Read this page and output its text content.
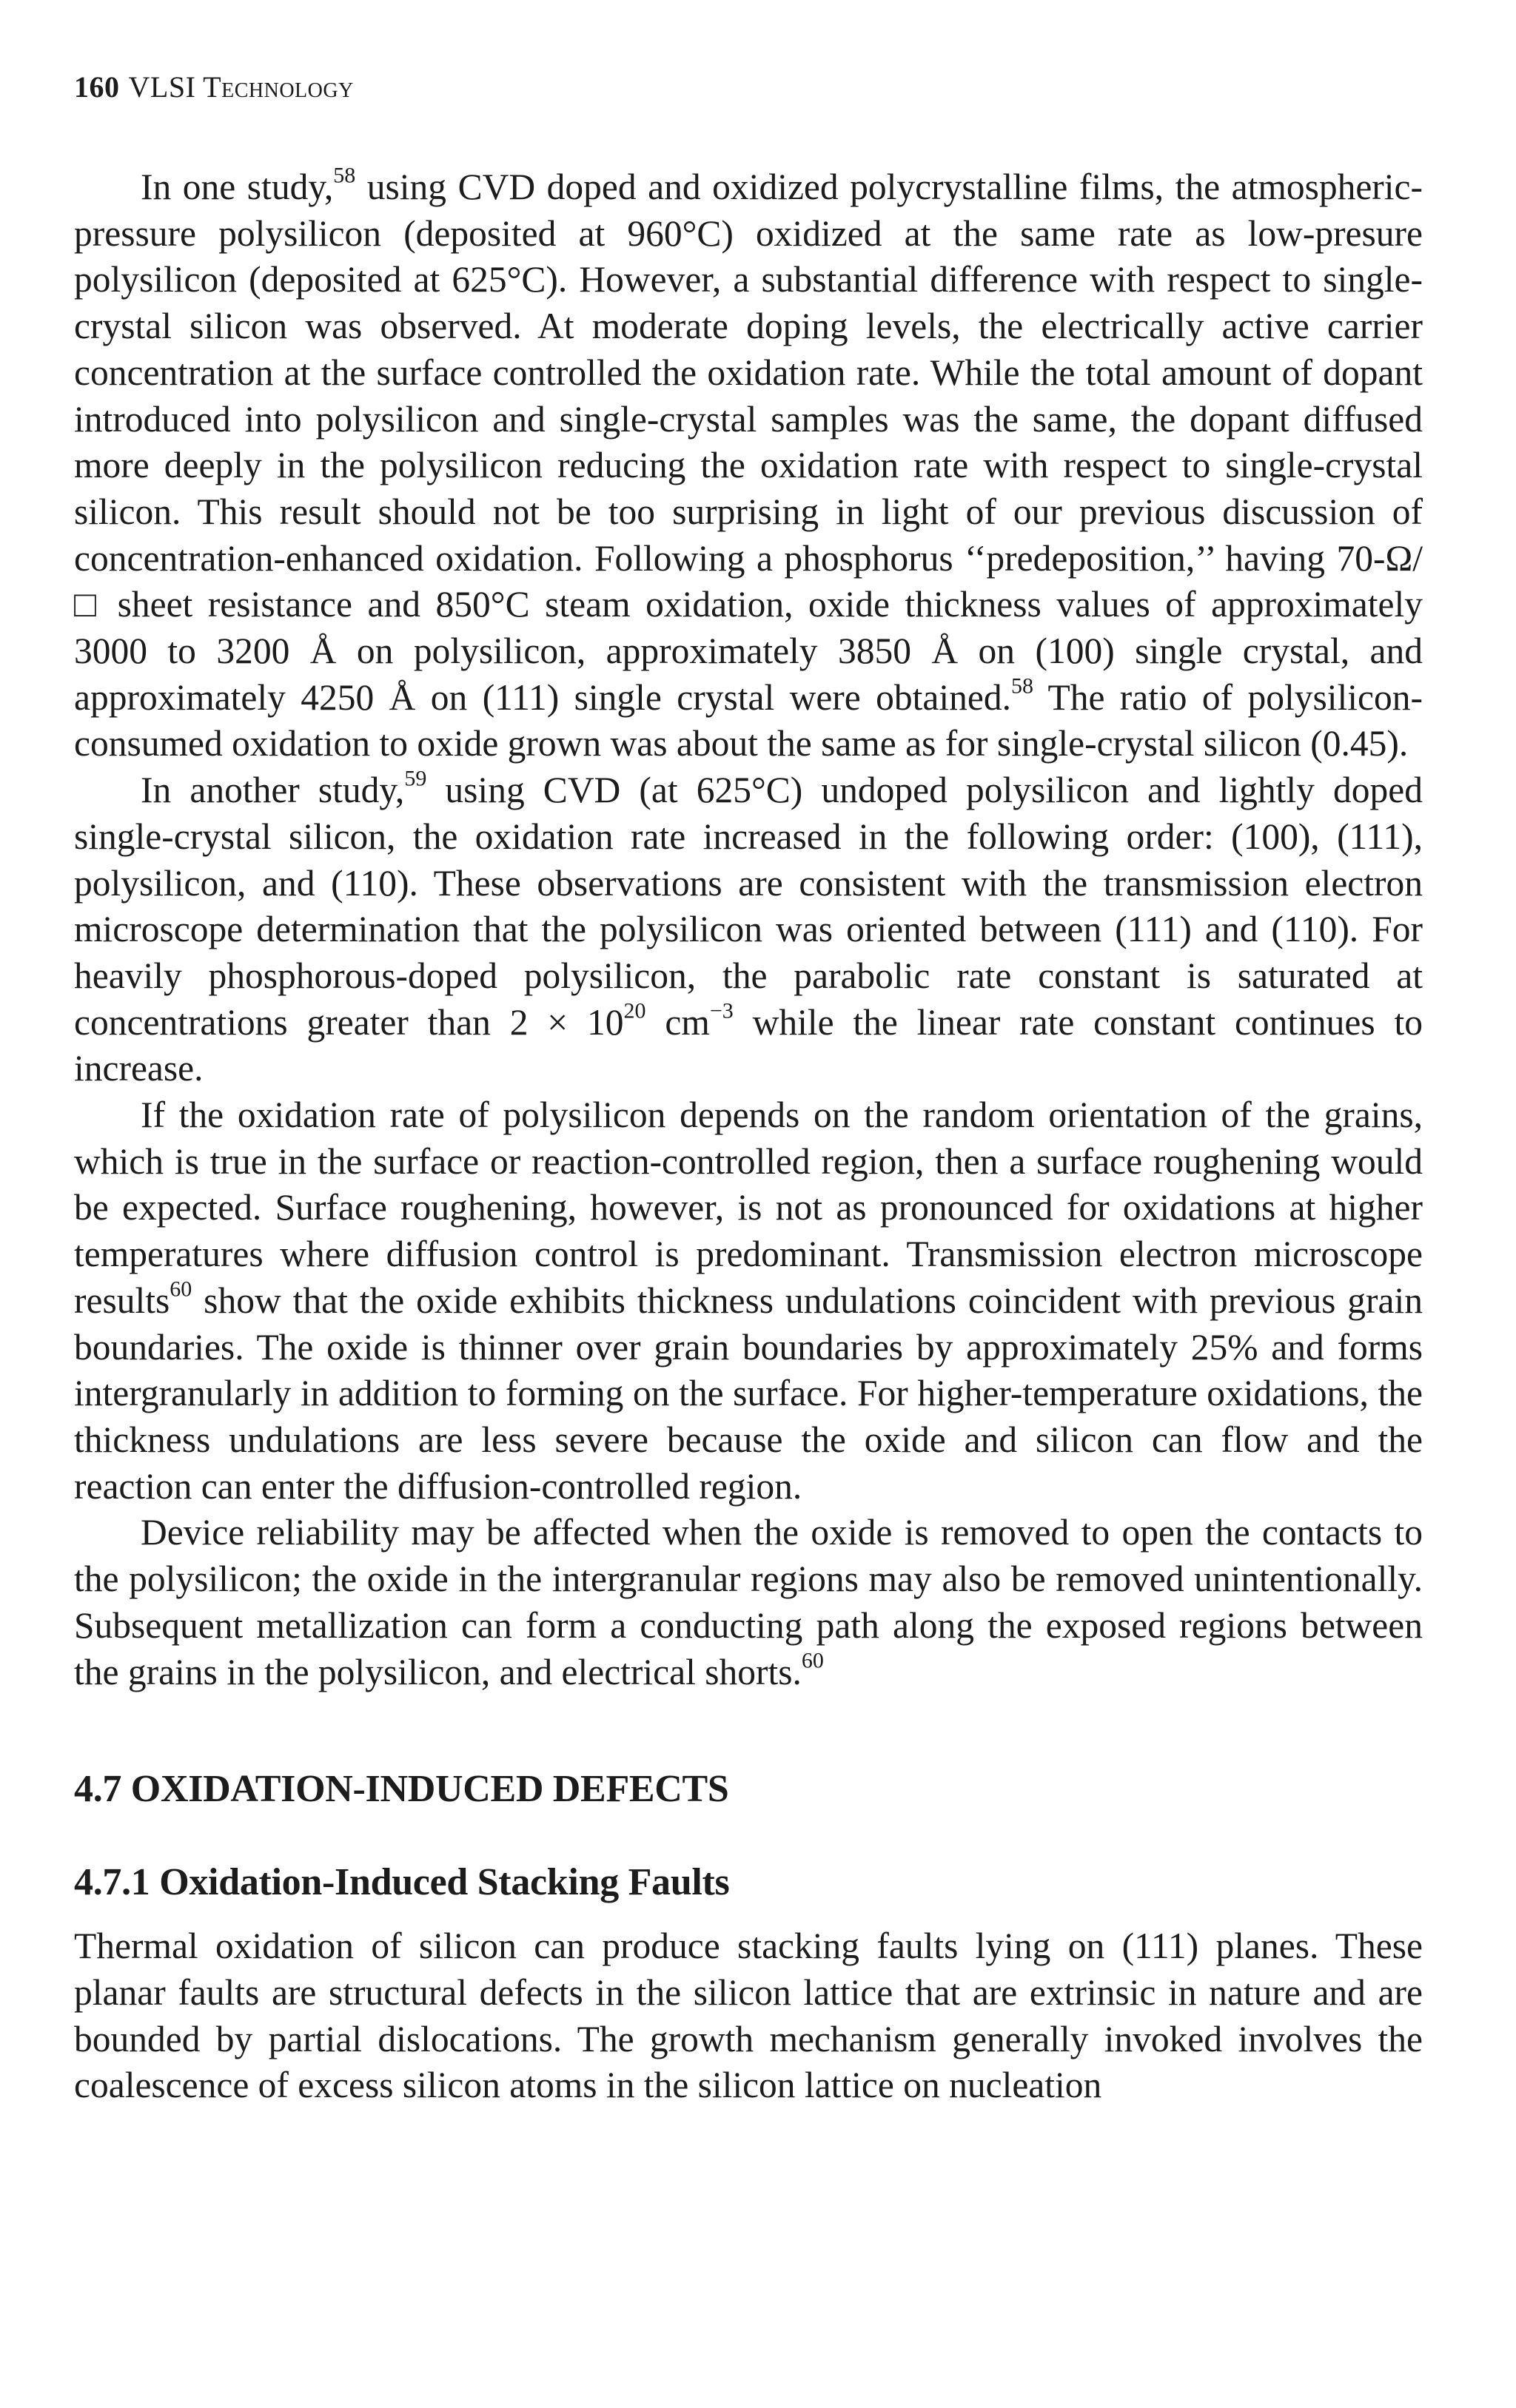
160 VLSI Technology

In one study,$^{58}$ using CVD doped and oxidized polycrystalline films, the atmospheric-pressure polysilicon (deposited at 960°C) oxidized at the same rate as low-presure polysilicon (deposited at 625°C). However, a substantial difference with respect to single-crystal silicon was observed. At moderate doping levels, the electrically active carrier concentration at the surface controlled the oxidation rate. While the total amount of dopant introduced into polysilicon and single-crystal samples was the same, the dopant diffused more deeply in the polysilicon reducing the oxidation rate with respect to single-crystal silicon. This result should not be too surprising in light of our previous discussion of concentration-enhanced oxidation. Following a phosphorus ‘‘predeposition,’’ having 70-Ω/□ sheet resistance and 850°C steam oxidation, oxide thickness values of approximately 3000 to 3200 Å on polysilicon, approximately 3850 Å on (100) single crystal, and approximately 4250 Å on (111) single crystal were obtained.$^{58}$ The ratio of polysilicon-consumed oxidation to oxide grown was about the same as for single-crystal silicon (0.45).

In another study,$^{59}$ using CVD (at 625°C) undoped polysilicon and lightly doped single-crystal silicon, the oxidation rate increased in the following order: (100), (111), polysilicon, and (110). These observations are consistent with the transmission electron microscope determination that the polysilicon was oriented between (111) and (110). For heavily phosphorous-doped polysilicon, the parabolic rate constant is saturated at concentrations greater than $2 \times 10^{20}$ $cm^{-3}$ while the linear rate constant continues to increase.

If the oxidation rate of polysilicon depends on the random orientation of the grains, which is true in the surface or reaction-controlled region, then a surface roughening would be expected. Surface roughening, however, is not as pronounced for oxidations at higher temperatures where diffusion control is predominant. Transmission electron microscope results$^{60}$ show that the oxide exhibits thickness undulations coincident with previous grain boundaries. The oxide is thinner over grain boundaries by approximately 25% and forms intergranularly in addition to forming on the surface. For higher-temperature oxidations, the thickness undulations are less severe because the oxide and silicon can flow and the reaction can enter the diffusion-controlled region.

Device reliability may be affected when the oxide is removed to open the contacts to the polysilicon; the oxide in the intergranular regions may also be removed unintentionally. Subsequent metallization can form a conducting path along the exposed regions between the grains in the polysilicon, and electrical shorts.$^{60}$

4.7 OXIDATION-INDUCED DEFECTS
4.7.1 Oxidation-Induced Stacking Faults

Thermal oxidation of silicon can produce stacking faults lying on (111) planes. These planar faults are structural defects in the silicon lattice that are extrinsic in nature and are bounded by partial dislocations. The growth mechanism generally invoked involves the coalescence of excess silicon atoms in the silicon lattice on nucleation
